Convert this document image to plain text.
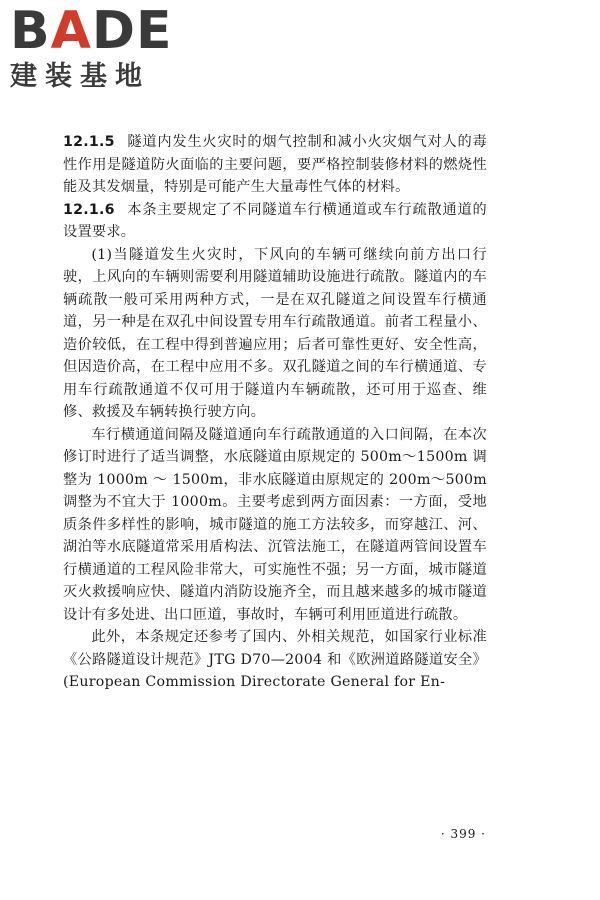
BADE
建装基地

12.1.5 隧道内发生火灾时的烟气控制和减小火灾烟气对人的毒性作用是隧道防火面临的主要问题，要严格控制装修材料的燃烧性能及其发烟量，特别是可能产生大量毒性气体的材料。

12.1.6 本条主要规定了不同隧道车行横通道或车行疏散通道的设置要求。

(1)当隧道发生火灾时，下风向的车辆可继续向前方出口行驶，上风向的车辆则需要利用隧道辅助设施进行疏散。隧道内的车辆疏散一般可采用两种方式，一是在双孔隧道之间设置车行横通道，另一种是在双孔中间设置专用车行疏散通道。前者工程量小、造价较低，在工程中得到普遍应用；后者可靠性更好、安全性高，但因造价高，在工程中应用不多。双孔隧道之间的车行横通道、专用车行疏散通道不仅可用于隧道内车辆疏散，还可用于巡查、维修、救援及车辆转换行驶方向。

车行横通道间隔及隧道通向车行疏散通道的入口间隔，在本次修订时进行了适当调整，水底隧道由原规定的 500m～1500m 调整为 1000m ～ 1500m，非水底隧道由原规定的 200m～500m调整为不宜大于 1000m。主要考虑到两方面因素：一方面，受地质条件多样性的影响，城市隧道的施工方法较多，而穿越江、河、湖泊等水底隧道常采用盾构法、沉管法施工，在隧道两管间设置车行横通道的工程风险非常大，可实施性不强；另一方面，城市隧道灭火救援响应快、隧道内消防设施齐全，而且越来越多的城市隧道设计有多处进、出口匝道，事故时，车辆可利用匝道进行疏散。

此外，本条规定还参考了国内、外相关规范，如国家行业标准《公路隧道设计规范》JTG D70—2004 和《欧洲道路隧道安全》(European Commission Directorate General for En-

· 399 ·
